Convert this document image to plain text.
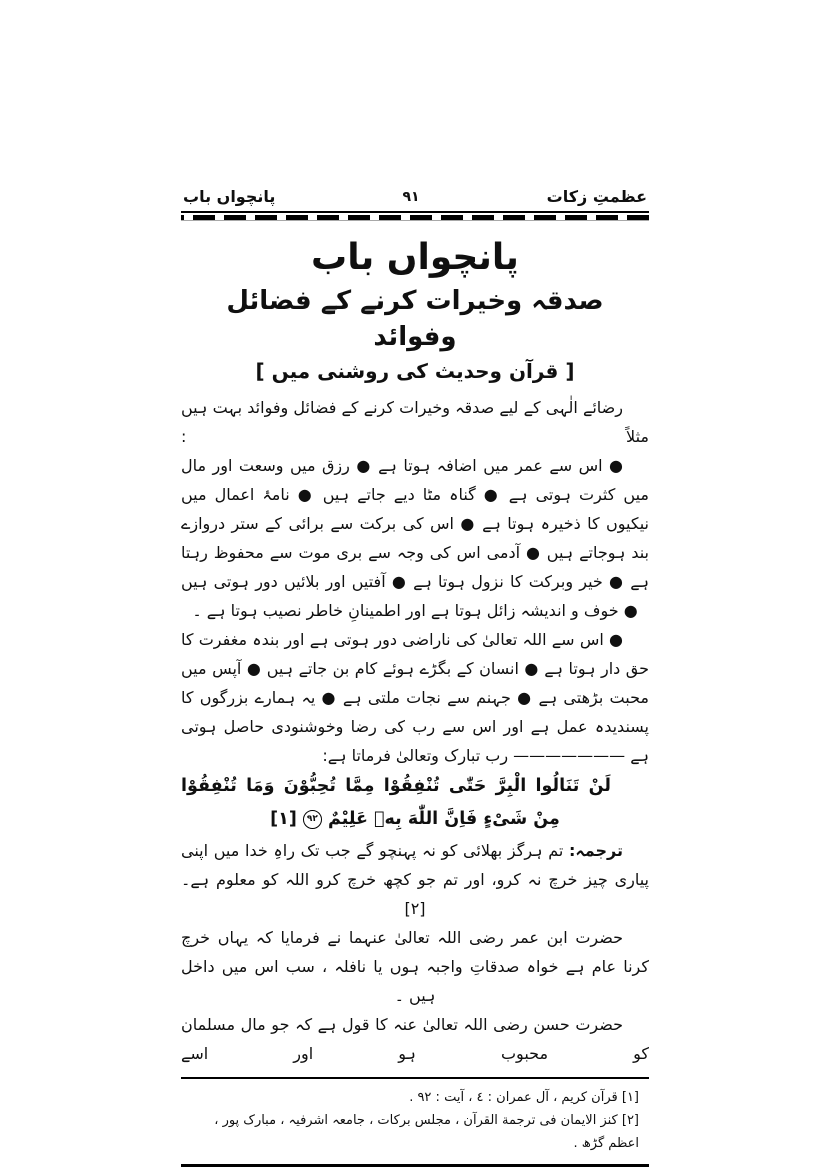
عظمتِ زکات
۹۱
پانچواں باب
پانچواں باب
صدقہ وخیرات کرنے کے فضائل وفوائد
[ قرآن وحدیث کی روشنی میں ]

رضائے الٰہی کے لیے صدقہ وخیرات کرنے کے فضائل وفوائد بہت ہیں مثلاً :

● اس سے عمر میں اضافہ ہوتا ہے ● رزق میں وسعت اور مال میں کثرت ہوتی ہے ● گناہ مٹا دیے جاتے ہیں ● نامۂ اعمال میں نیکیوں کا ذخیرہ ہوتا ہے ● اس کی برکت سے برائی کے ستر دروازے بند ہوجاتے ہیں ● آدمی اس کی وجہ سے بری موت سے محفوظ رہتا ہے ● خیر وبرکت کا نزول ہوتا ہے ● آفتیں اور بلائیں دور ہوتی ہیں ● خوف و اندیشہ زائل ہوتا ہے اور اطمینانِ خاطر نصیب ہوتا ہے ۔

● اس سے اللہ تعالیٰ کی ناراضی دور ہوتی ہے اور بندہ مغفرت کا حق دار ہوتا ہے ● انسان کے بگڑے ہوئے کام بن جاتے ہیں ● آپس میں محبت بڑھتی ہے ● جہنم سے نجات ملتی ہے ● یہ ہمارے بزرگوں کا پسندیدہ عمل ہے اور اس سے رب کی رضا وخوشنودی حاصل ہوتی ہے ——————— رب تبارک وتعالیٰ فرماتا ہے:

لَنْ تَنَالُوا الْبِرَّ حَتّٰی تُنْفِقُوْا مِمَّا تُحِبُّوْنَ وَمَا تُنْفِقُوْا مِنْ شَیْءٍ فَاِنَّ اللّٰهَ بِهٖ عَلِیْمٌ ۹۲ [۱]

ترجمہ: تم ہرگز بھلائی کو نہ پہنچو گے جب تک راہِ خدا میں اپنی پیاری چیز خرچ نہ کرو، اور تم جو کچھ خرچ کرو اللہ کو معلوم ہے۔ [۲]

حضرت ابن عمر رضی اللہ تعالیٰ عنہما نے فرمایا کہ یہاں خرچ کرنا عام ہے خواہ صدقاتِ واجبہ ہوں یا نافلہ ، سب اس میں داخل ہیں ۔

حضرت حسن رضی اللہ تعالیٰ عنہ کا قول ہے کہ جو مال مسلمان کو محبوب ہو اور اسے

[۱] قرآن کریم ، آل عمران : ٤ ، آیت : ۹۲ .

[۲] کنز الایمان فی ترجمة القرآن ، مجلس برکات ، جامعہ اشرفیہ ، مبارک پور ، اعظم گڑھ .
